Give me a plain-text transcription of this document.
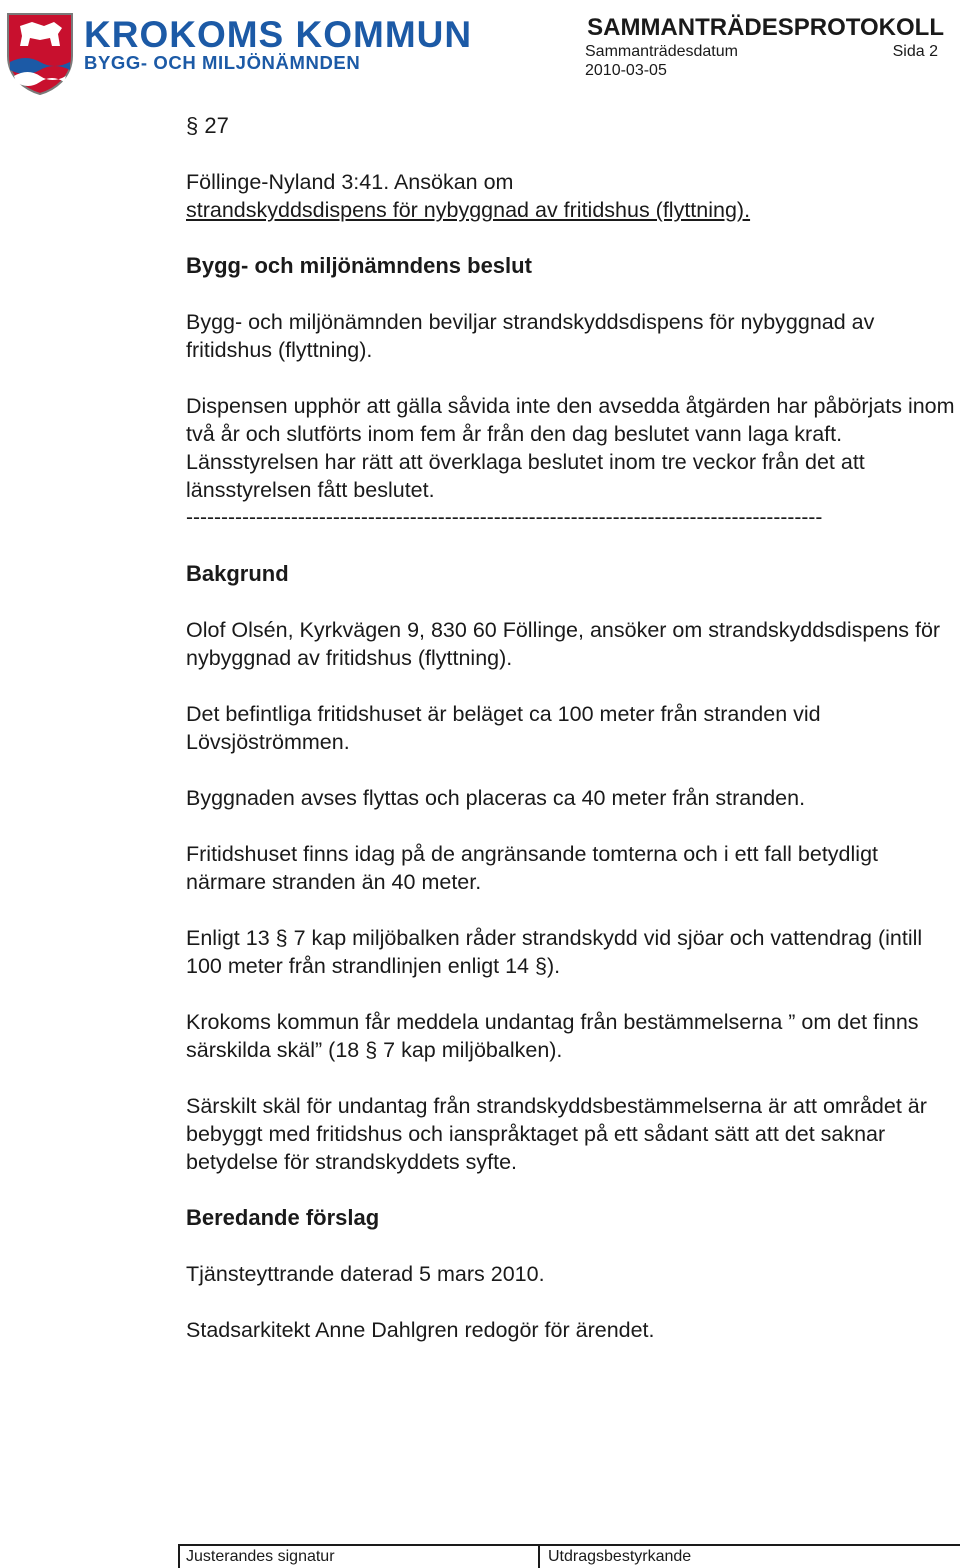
KROKOMS KOMMUN
BYGG- OCH MILJÖNÄMNDEN
SAMMANTRÄDESPROTOKOLL
Sammanträdesdatum	Sida 2
2010-03-05

§ 27

Föllinge-Nyland 3:41. Ansökan om
strandskyddsdispens för nybyggnad av fritidshus (flyttning).

Bygg- och miljönämndens beslut

Bygg- och miljönämnden beviljar strandskyddsdispens för nybyggnad av fritidshus (flyttning).

Dispensen upphör att gälla såvida inte den avsedda åtgärden har påbörjats inom två år och slutförts inom fem år från den dag beslutet vann laga kraft. Länsstyrelsen har rätt att överklaga beslutet inom tre veckor från det att länsstyrelsen fått beslutet.

-------------------------------------------------------------------------------------------

Bakgrund

Olof Olsén, Kyrkvägen 9, 830 60 Föllinge, ansöker om strandskyddsdispens för nybyggnad av fritidshus (flyttning).

Det befintliga fritidshuset är beläget ca 100 meter från stranden vid Lövsjöströmmen.

Byggnaden avses flyttas och placeras ca 40 meter från stranden.

Fritidshuset finns idag på de angränsande tomterna och i ett fall betydligt närmare stranden än 40 meter.

Enligt 13 § 7 kap miljöbalken råder strandskydd vid sjöar och vattendrag (intill 100 meter från strandlinjen enligt 14 §).

Krokoms kommun får meddela undantag från bestämmelserna ” om det finns särskilda skäl” (18 § 7 kap miljöbalken).

Särskilt skäl för undantag från strandskyddsbestämmelserna är att området är bebyggt med fritidshus och ianspråktaget på ett sådant sätt att det saknar betydelse för strandskyddets syfte.

Beredande förslag

Tjänsteyttrande daterad 5 mars 2010.

Stadsarkitekt Anne Dahlgren redogör för ärendet.

Justerandes signatur	Utdragsbestyrkande
